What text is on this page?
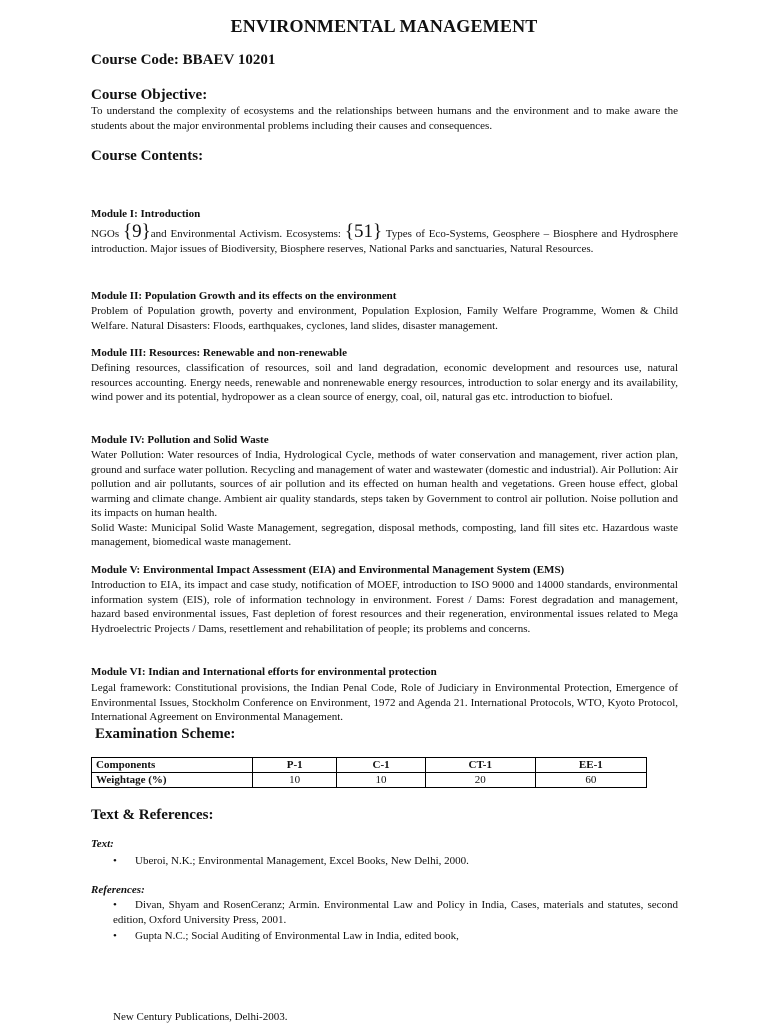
ENVIRONMENTAL MANAGEMENT
Course Code: BBAEV 10201
Course Objective:
To understand the complexity of ecosystems and the relationships between humans and the environment and to make aware the students about the major environmental problems including their causes and consequences.
Course Contents:
Module I: Introduction
NGOs {9}and Environmental Activism. Ecosystems: {51} Types of Eco-Systems, Geosphere – Biosphere and Hydrosphere introduction. Major issues of Biodiversity, Biosphere reserves, National Parks and sanctuaries, Natural Resources.
Module II: Population Growth and its effects on the environment
Problem of Population growth, poverty and environment, Population Explosion, Family Welfare Programme, Women & Child Welfare. Natural Disasters: Floods, earthquakes, cyclones, land slides, disaster management.
Module III: Resources: Renewable and non-renewable
Defining resources, classification of resources, soil and land degradation, economic development and resources use, natural resources accounting. Energy needs, renewable and nonrenewable energy resources, introduction to solar energy and its availability, wind power and its potential, hydropower as a clean source of energy, coal, oil, natural gas etc. introduction to biofuel.
Module IV: Pollution and Solid Waste
Water Pollution: Water resources of India, Hydrological Cycle, methods of water conservation and management, river action plan, ground and surface water pollution. Recycling and management of water and wastewater (domestic and industrial). Air Pollution: Air pollution and air pollutants, sources of air pollution and its effected on human health and vegetations. Green house effect, global warming and climate change. Ambient air quality standards, steps taken by Government to control air pollution. Noise pollution and its impacts on human health.
Solid Waste: Municipal Solid Waste Management, segregation, disposal methods, composting, land fill sites etc. Hazardous waste management, biomedical waste management.
Module V: Environmental Impact Assessment (EIA) and Environmental Management System (EMS)
Introduction to EIA, its impact and case study, notification of MOEF, introduction to ISO 9000 and 14000 standards, environmental information system (EIS), role of information technology in environment. Forest / Dams: Forest degradation and management, hazard based environmental issues, Fast depletion of forest resources and their regeneration, environmental issues related to Mega Hydroelectric Projects / Dams, resettlement and rehabilitation of people; its problems and concerns.
Module VI: Indian and International efforts for environmental protection
Legal framework: Constitutional provisions, the Indian Penal Code, Role of Judiciary in Environmental Protection, Emergence of Environmental Issues, Stockholm Conference on Environment, 1972 and Agenda 21. International Protocols, WTO, Kyoto Protocol, International Agreement on Environmental Management.
Examination Scheme:
Components	P-1	C-1	CT-1	EE-1
Weightage (%)	10	10	20	60
Text & References:
Text:
• Uberoi, N.K.; Environmental Management, Excel Books, New Delhi, 2000.
References:
• Divan, Shyam and RosenCeranz; Armin. Environmental Law and Policy in India, Cases, materials and statutes, second edition, Oxford University Press, 2001.
• Gupta N.C.; Social Auditing of Environmental Law in India, edited book,
New Century Publications, Delhi-2003.
